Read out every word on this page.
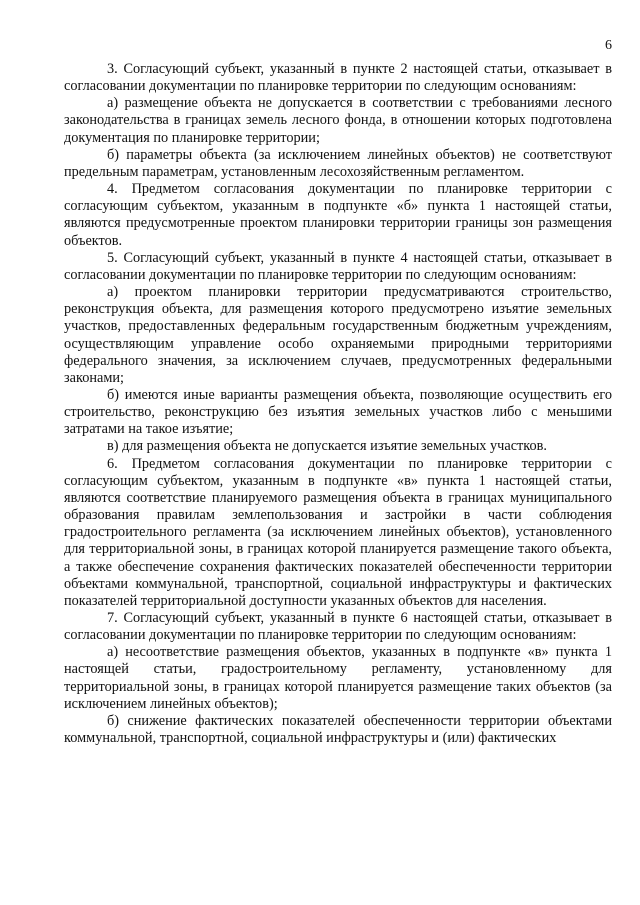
6

3. Согласующий субъект, указанный в пункте 2 настоящей статьи, отказывает в согласовании документации по планировке территории по следующим основаниям:

а) размещение объекта не допускается в соответствии с требованиями лесного законодательства в границах земель лесного фонда, в отношении которых подготовлена документация по планировке территории;

б) параметры объекта (за исключением линейных объектов) не соответствуют предельным параметрам, установленным лесохозяйственным регламентом.

4. Предметом согласования документации по планировке территории с согласующим субъектом, указанным в подпункте «б» пункта 1 настоящей статьи, являются предусмотренные проектом планировки территории границы зон размещения объектов.

5. Согласующий субъект, указанный в пункте 4 настоящей статьи, отказывает в согласовании документации по планировке территории по следующим основаниям:

а) проектом планировки территории предусматриваются строительство, реконструкция объекта, для размещения которого предусмотрено изъятие земельных участков, предоставленных федеральным государственным бюджетным учреждениям, осуществляющим управление особо охраняемыми природными территориями федерального значения, за исключением случаев, предусмотренных федеральными законами;

б) имеются иные варианты размещения объекта, позволяющие осуществить его строительство, реконструкцию без изъятия земельных участков либо с меньшими затратами на такое изъятие;

в) для размещения объекта не допускается изъятие земельных участков.

6. Предметом согласования документации по планировке территории с согласующим субъектом, указанным в подпункте «в» пункта 1 настоящей статьи, являются соответствие планируемого размещения объекта в границах муниципального образования правилам землепользования и застройки в части соблюдения градостроительного регламента (за исключением линейных объектов), установленного для территориальной зоны, в границах которой планируется размещение такого объекта, а также обеспечение сохранения фактических показателей обеспеченности территории объектами коммунальной, транспортной, социальной инфраструктуры и фактических показателей территориальной доступности указанных объектов для населения.

7. Согласующий субъект, указанный в пункте 6 настоящей статьи, отказывает в согласовании документации по планировке территории по следующим основаниям:

а) несоответствие размещения объектов, указанных в подпункте «в» пункта 1 настоящей статьи, градостроительному регламенту, установленному для территориальной зоны, в границах которой планируется размещение таких объектов (за исключением линейных объектов);

б) снижение фактических показателей обеспеченности территории объектами коммунальной, транспортной, социальной инфраструктуры и (или) фактических
